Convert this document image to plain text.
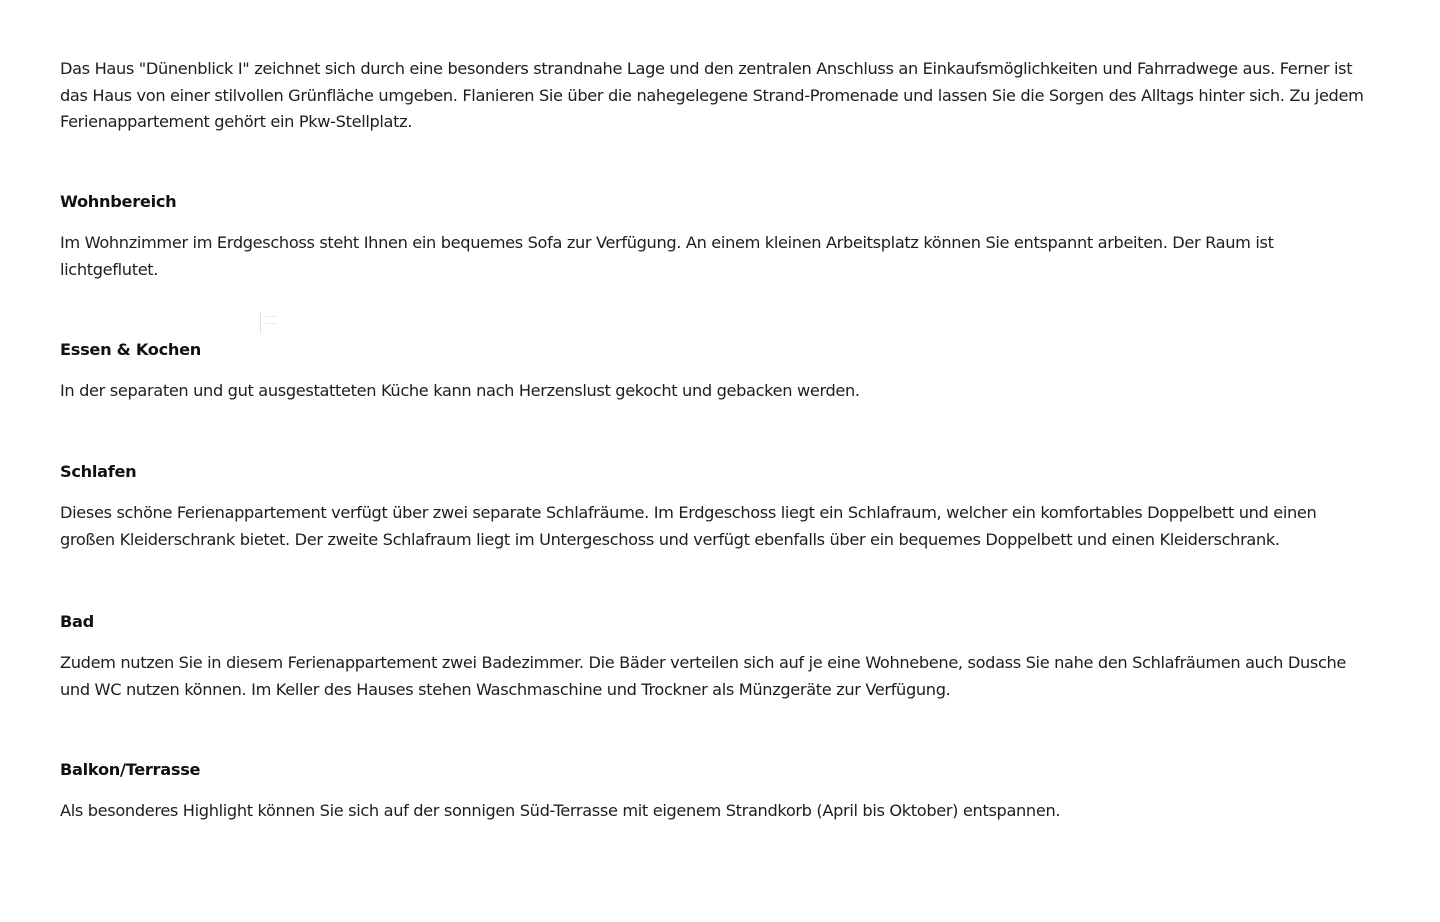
Das Haus "Dünenblick I" zeichnet sich durch eine besonders strandnahe Lage und den zentralen Anschluss an Einkaufsmöglichkeiten und Fahrradwege aus. Ferner ist das Haus von einer stilvollen Grünfläche umgeben. Flanieren Sie über die nahegelegene Strand-Promenade und lassen Sie die Sorgen des Alltags hinter sich. Zu jedem Ferienappartement gehört ein Pkw-Stellplatz.

Wohnbereich

Im Wohnzimmer im Erdgeschoss steht Ihnen ein bequemes Sofa zur Verfügung. An einem kleinen Arbeitsplatz können Sie entspannt arbeiten. Der Raum ist lichtgeflutet.

Essen & Kochen

In der separaten und gut ausgestatteten Küche kann nach Herzenslust gekocht und gebacken werden.

Schlafen

Dieses schöne Ferienappartement verfügt über zwei separate Schlafräume. Im Erdgeschoss liegt ein Schlafraum, welcher ein komfortables Doppelbett und einen großen Kleiderschrank bietet. Der zweite Schlafraum liegt im Untergeschoss und verfügt ebenfalls über ein bequemes Doppelbett und einen Kleiderschrank.

Bad

Zudem nutzen Sie in diesem Ferienappartement zwei Badezimmer. Die Bäder verteilen sich auf je eine Wohnebene, sodass Sie nahe den Schlafräumen auch Dusche und WC nutzen können. Im Keller des Hauses stehen Waschmaschine und Trockner als Münzgeräte zur Verfügung.

Balkon/Terrasse

Als besonderes Highlight können Sie sich auf der sonnigen Süd-Terrasse mit eigenem Strandkorb (April bis Oktober) entspannen.
